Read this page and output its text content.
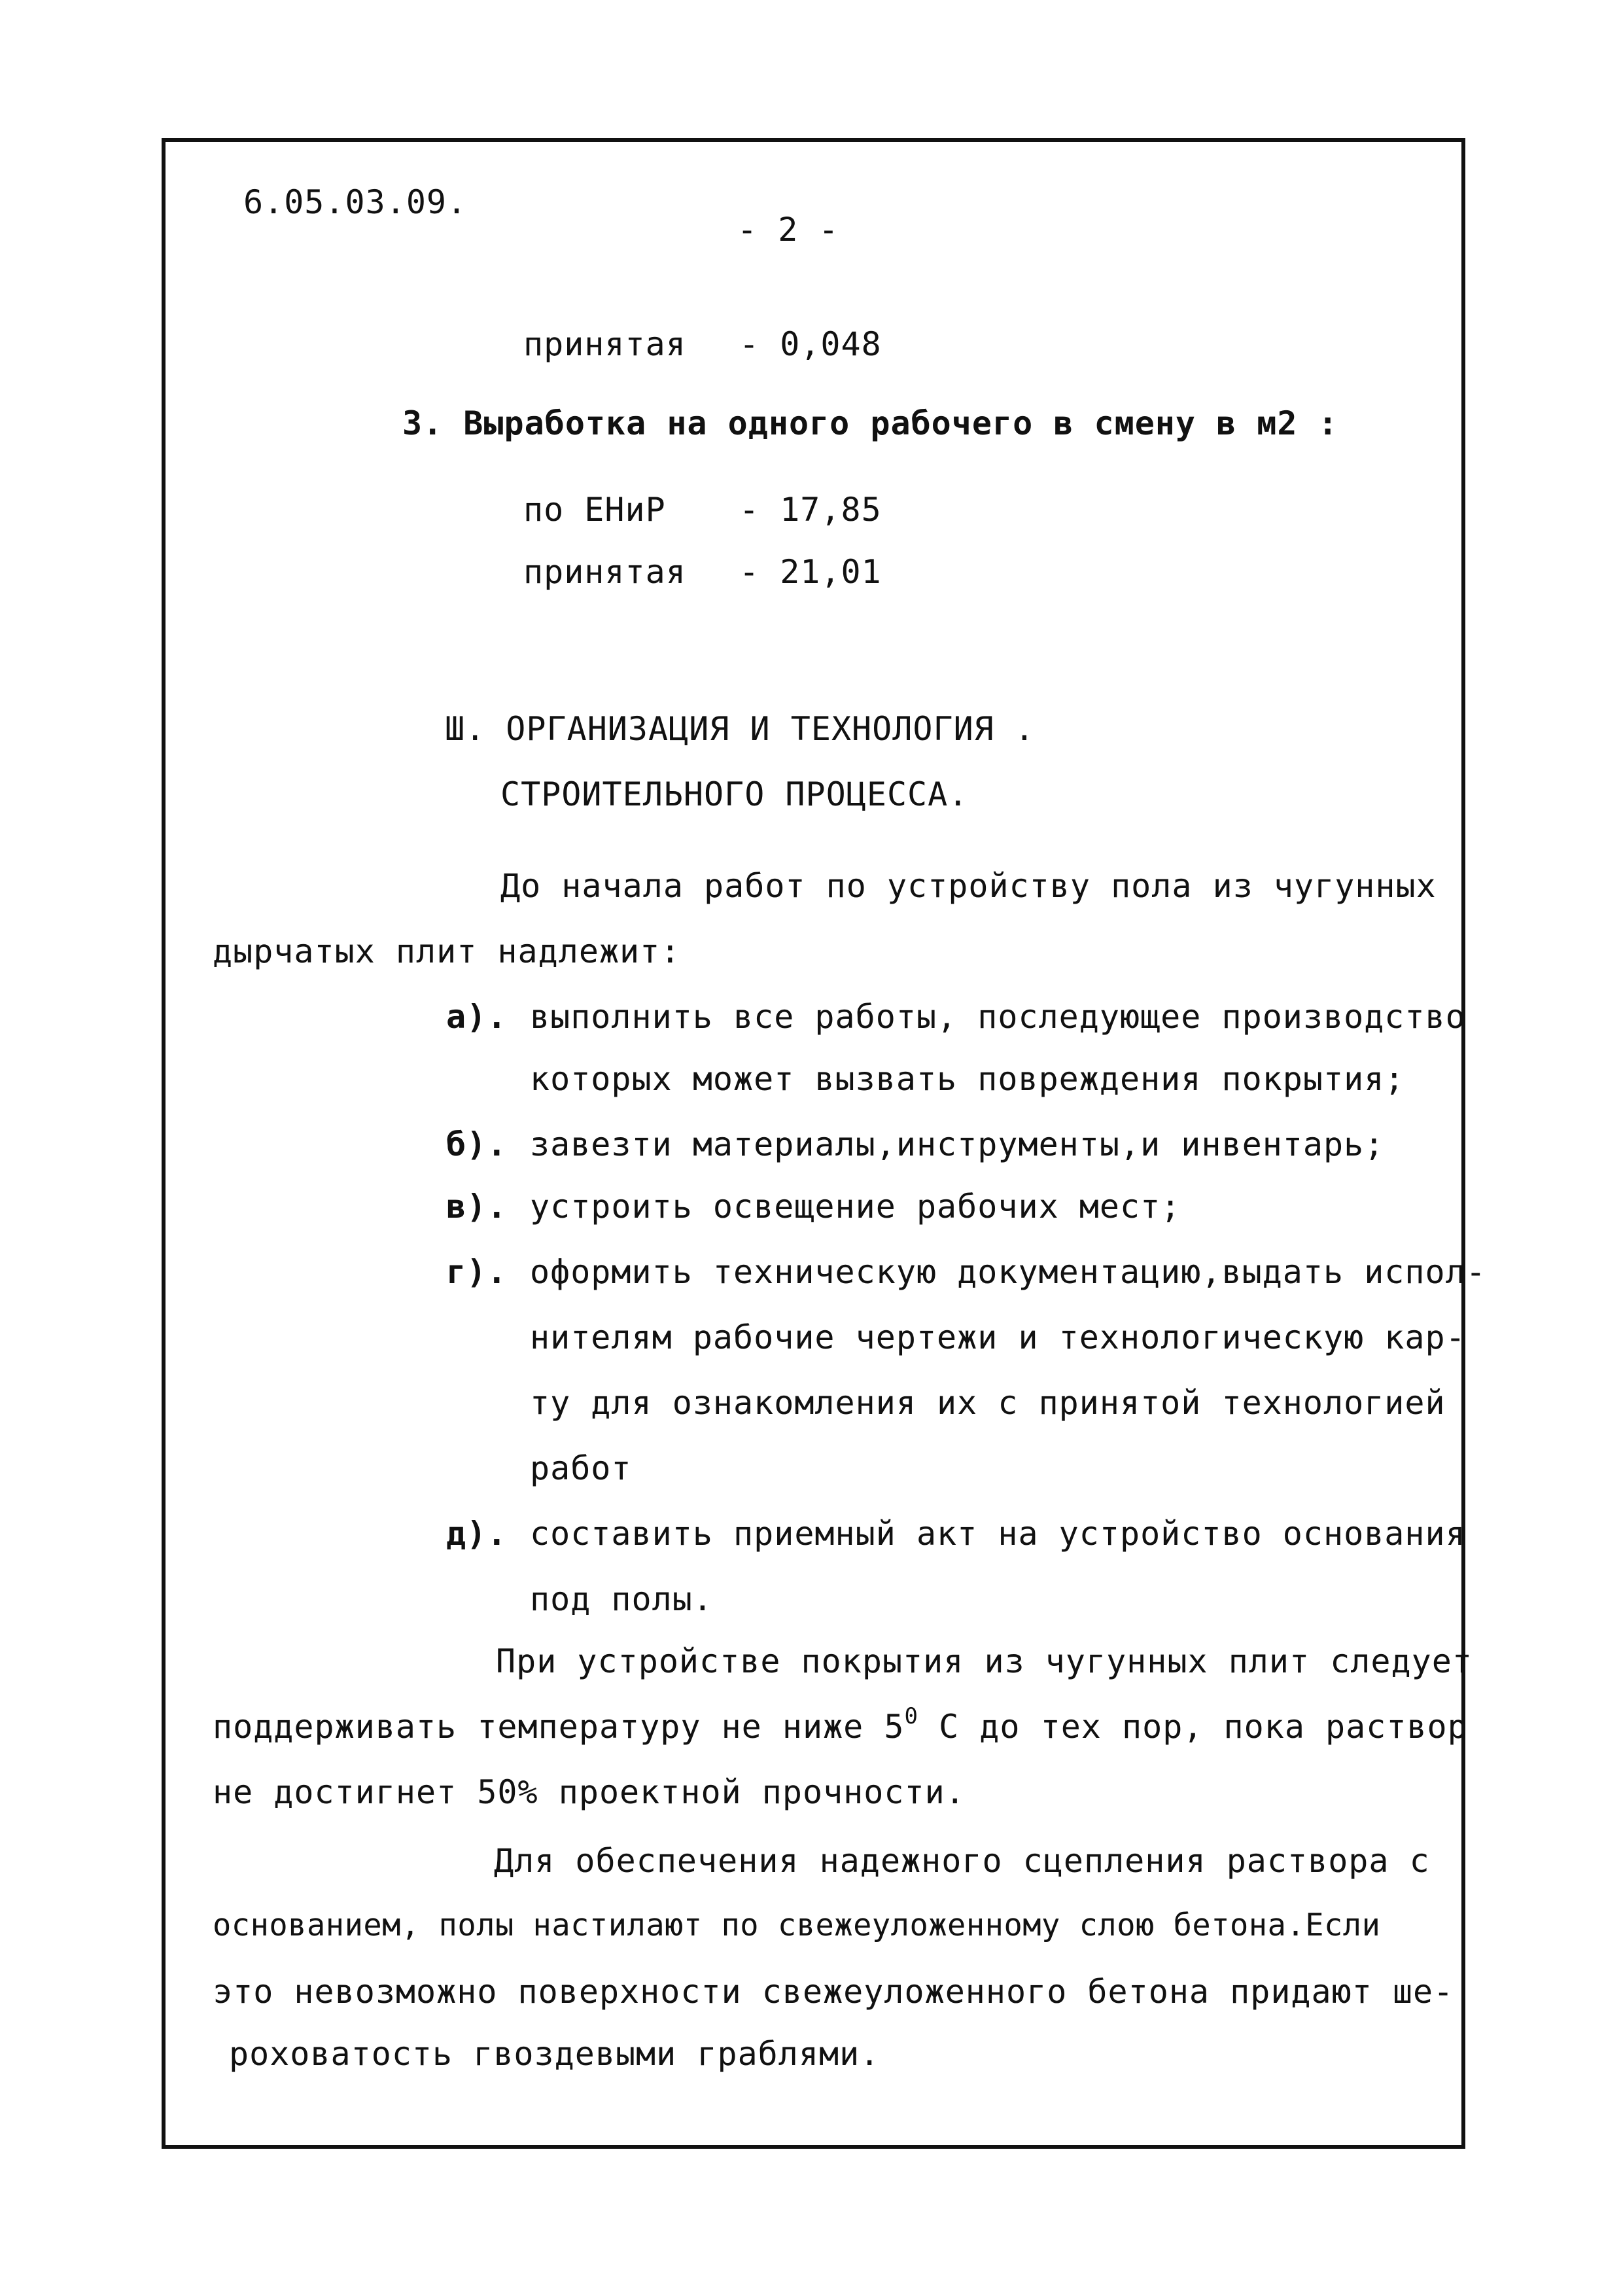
6.05.03.09.
- 2 -
принятая - 0,048
3. Выработка на одного рабочего в смену в м2 :
по ЕНиР - 17,85
принятая - 21,01
Ш. ОРГАНИЗАЦИЯ И ТЕХНОЛОГИЯ .
СТРОИТЕЛЬНОГО ПРОЦЕССА.
До начала работ по устройству пола из чугунных
дырчатых плит надлежит:
а). выполнить все работы, последующее производство
которых может вызвать повреждения покрытия;
б). завезти материалы,инструменты,и инвентарь;
в). устроить освещение рабочих мест;
г). оформить техническую документацию,выдать испол-
нителям рабочие чертежи и технологическую кар-
ту для ознакомления их с принятой технологией
работ
д). составить приемный акт на устройство основания
под полы.
При устройстве покрытия из чугунных плит следует
поддерживать температуру не ниже $5^0$ С до тех пор, пока раствор
не достигнет 50% проектной прочности.
Для обеспечения надежного сцепления раствора с
основанием, полы настилают по свежеуложенному слою бетона.Если
это невозможно поверхности свежеуложенного бетона придают ше-
роховатость гвоздевыми граблями.
